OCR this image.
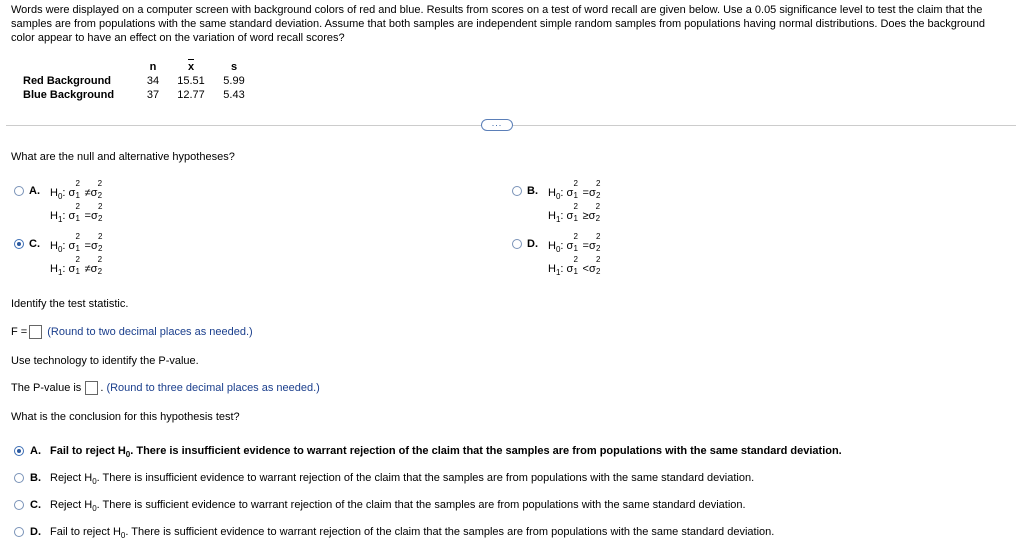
Words were displayed on a computer screen with background colors of red and blue. Results from scores on a test of word recall are given below. Use a 0.05 significance level to test the claim that the samples are from populations with the same standard deviation. Assume that both samples are independent simple random samples from populations having normal distributions. Does the background color appear to have an effect on the variation of word recall scores?
	n	x	s
Red Background	34	15.51	5.99
Blue Background	37	12.77	5.43
...
What are the null and alternative hypotheses?
A. $H_0$: σ
2
1 ≠σ
2
2
$H_1$: σ
2
1 =σ
2
2
B. $H_0$: σ
2
1 =σ
2
2
$H_1$: σ
2
1 ≥σ
2
2
C. $H_0$: σ
2
1 =σ
2
2
$H_1$: σ
2
1 ≠σ
2
2
D. $H_0$: σ
2
1 =σ
2
2
$H_1$: σ
2
1 <σ
2
2
Identify the test statistic.
F = (Round to two decimal places as needed.)
Use technology to identify the P-value.
The P-value is . (Round to three decimal places as needed.)
What is the conclusion for this hypothesis test?
A. Fail to reject $H_0$. There is insufficient evidence to warrant rejection of the claim that the samples are from populations with the same standard deviation.
B. Reject $H_0$. There is insufficient evidence to warrant rejection of the claim that the samples are from populations with the same standard deviation.
C. Reject $H_0$. There is sufficient evidence to warrant rejection of the claim that the samples are from populations with the same standard deviation.
D. Fail to reject $H_0$. There is sufficient evidence to warrant rejection of the claim that the samples are from populations with the same standard deviation.
